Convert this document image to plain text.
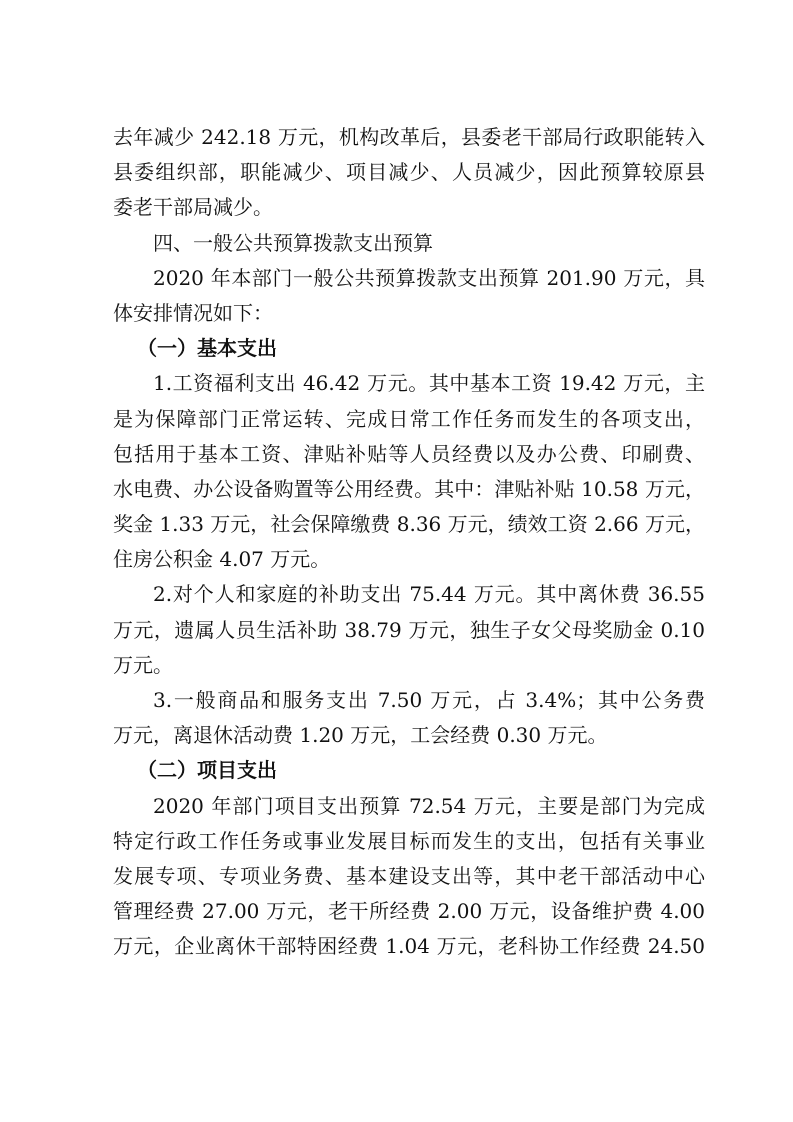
去年减少 242.18 万元，机构改革后，县委老干部局行政职能转入
县委组织部，职能减少、项目减少、人员减少，因此预算较原县
委老干部局减少。
四、一般公共预算拨款支出预算
2020 年本部门一般公共预算拨款支出预算 201.90 万元，具
体安排情况如下：
（一）基本支出
1.工资福利支出 46.42 万元。其中基本工资 19.42 万元，主
是为保障部门正常运转、完成日常工作任务而发生的各项支出，
包括用于基本工资、津贴补贴等人员经费以及办公费、印刷费、
水电费、办公设备购置等公用经费。其中：津贴补贴 10.58 万元，
奖金 1.33 万元，社会保障缴费 8.36 万元，绩效工资 2.66 万元，
住房公积金 4.07 万元。
2.对个人和家庭的补助支出 75.44 万元。其中离休费 36.55
万元，遗属人员生活补助 38.79 万元，独生子女父母奖励金 0.10
万元。
3.一般商品和服务支出 7.50 万元，占 3.4%；其中公务费
万元，离退休活动费 1.20 万元，工会经费 0.30 万元。
（二）项目支出
2020 年部门项目支出预算 72.54 万元，主要是部门为完成
特定行政工作任务或事业发展目标而发生的支出，包括有关事业
发展专项、专项业务费、基本建设支出等，其中老干部活动中心
管理经费 27.00 万元，老干所经费 2.00 万元，设备维护费 4.00
万元，企业离休干部特困经费 1.04 万元，老科协工作经费 24.50
